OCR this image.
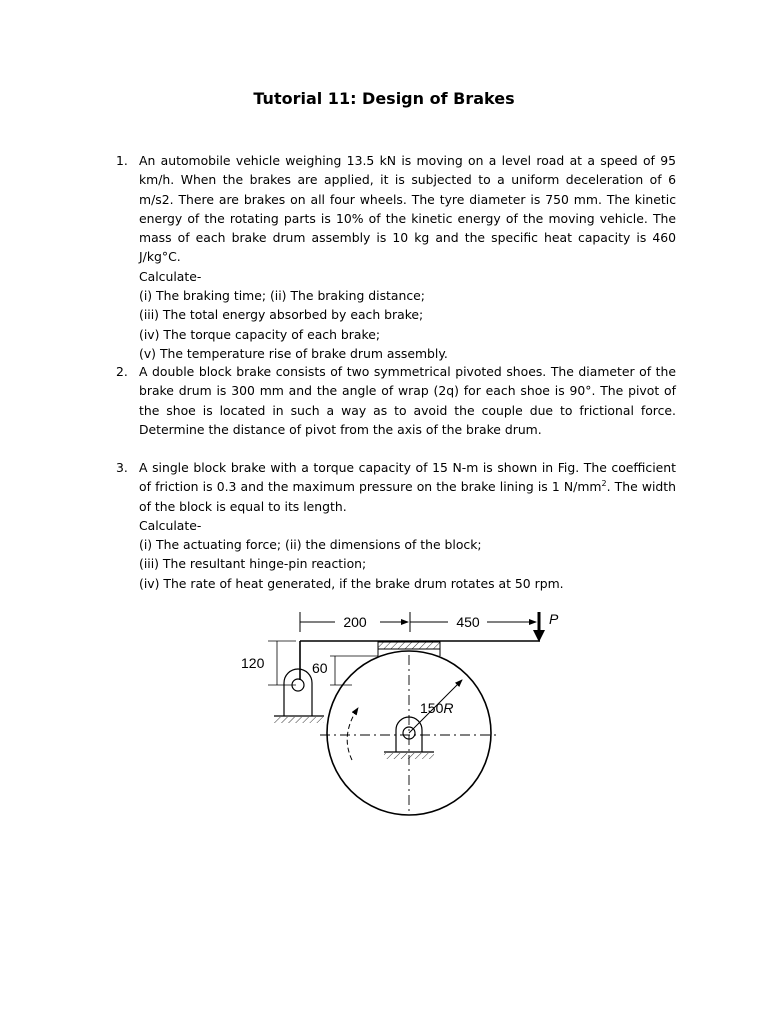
Tutorial 11: Design of Brakes
1. An automobile vehicle weighing 13.5 kN is moving on a level road at a speed of 95 km/h. When the brakes are applied, it is subjected to a uniform deceleration of 6 m/s2. There are brakes on all four wheels. The tyre diameter is 750 mm. The kinetic energy of the rotating parts is 10% of the kinetic energy of the moving vehicle. The mass of each brake drum assembly is 10 kg and the specific heat capacity is 460 J/kg°C.

Calculate-

(i) The braking time; (ii) The braking distance;

(iii) The total energy absorbed by each brake;

(iv) The torque capacity of each brake;

(v) The temperature rise of brake drum assembly.

2. A double block brake consists of two symmetrical pivoted shoes. The diameter of the brake drum is 300 mm and the angle of wrap (2q) for each shoe is 90°. The pivot of the shoe is located in such a way as to avoid the couple due to frictional force. Determine the distance of pivot from the axis of the brake drum.

3. A single block brake with a torque capacity of 15 N-m is shown in Fig. The coefficient of friction is 0.3 and the maximum pressure on the brake lining is 1 $N/mm^2$. The width of the block is equal to its length.

Calculate-

(i) The actuating force; (ii) the dimensions of the block;

(iii) The resultant hinge-pin reaction;

(iv) The rate of heat generated, if the brake drum rotates at 50 rpm.

200	450	P
150R
120	60
